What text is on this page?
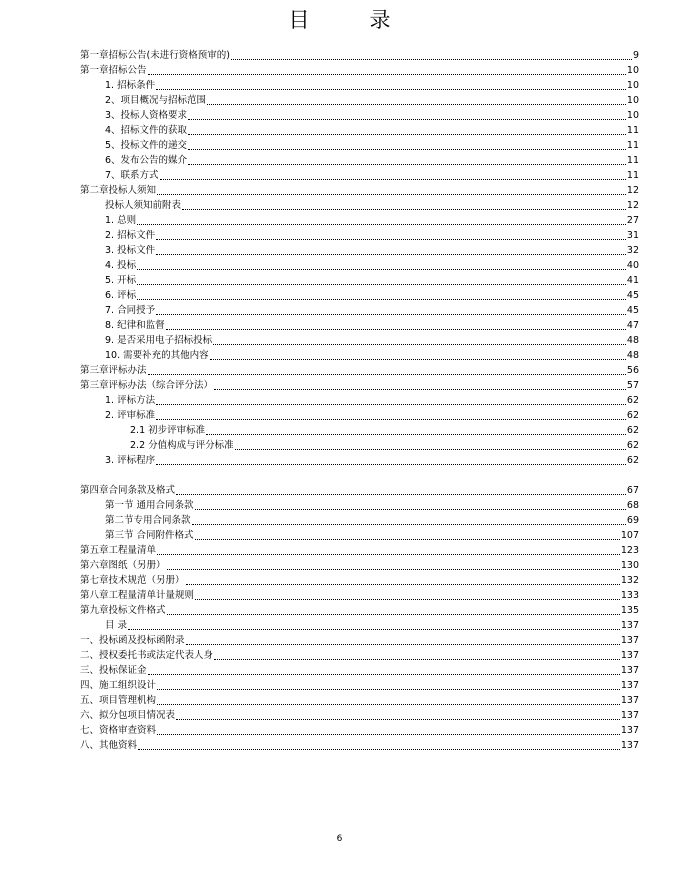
目	录
第一章招标公告(未进行资格预审的)	9
第一章招标公告	10
1. 招标条件	10
2、项目概况与招标范围	10
3、投标人资格要求	10
4、招标文件的获取	11
5、投标文件的递交	11
6、发布公告的媒介	11
7、联系方式	11
第二章投标人须知	12
投标人须知前附表	12
1. 总则	27
2. 招标文件	31
3. 投标文件	32
4. 投标	40
5. 开标	41
6. 评标	45
7. 合同授予	45
8. 纪律和监督	47
9. 是否采用电子招标投标	48
10. 需要补充的其他内容	48
第三章评标办法	56
第三章评标办法（综合评分法）	57
1. 评标方法	62
2. 评审标准	62
2.1 初步评审标准	62
2.2 分值构成与评分标准	62
3. 评标程序	62
第四章合同条款及格式	67
第一节 通用合同条款	68
第二节专用合同条款	69
第三节 合同附件格式	107
第五章工程量清单	123
第六章图纸（另册）	130
第七章技术规范（另册）	132
第八章工程量清单计量规则	133
第九章投标文件格式	135
目 录	137
一、投标函及投标函附录	137
二、授权委托书或法定代表人身	137
三、投标保证金	137
四、施工组织设计	137
五、项目管理机构	137
六、拟分包项目情况表	137
七、资格审查资料	137
八、其他资料	137
6
